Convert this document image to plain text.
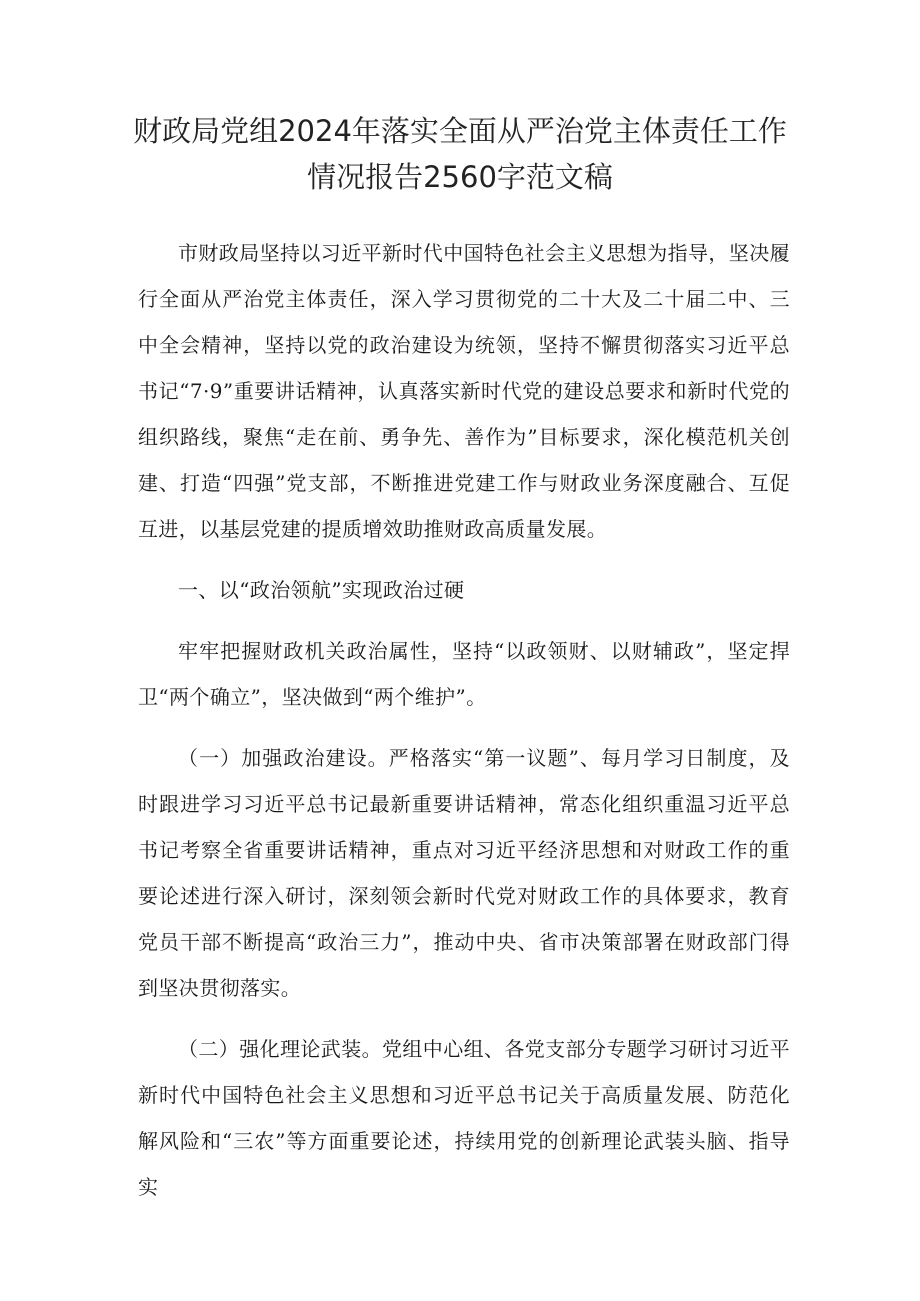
财政局党组2024年落实全面从严治党主体责任工作
情况报告2560字范文稿

市财政局坚持以习近平新时代中国特色社会主义思想为指导，坚决履行全面从严治党主体责任，深入学习贯彻党的二十大及二十届二中、三中全会精神，坚持以党的政治建设为统领，坚持不懈贯彻落实习近平总书记“7·9”重要讲话精神，认真落实新时代党的建设总要求和新时代党的组织路线，聚焦“走在前、勇争先、善作为”目标要求，深化模范机关创建、打造“四强”党支部，不断推进党建工作与财政业务深度融合、互促互进，以基层党建的提质增效助推财政高质量发展。

一、以“政治领航”实现政治过硬

牢牢把握财政机关政治属性，坚持“以政领财、以财辅政”，坚定捍卫“两个确立”，坚决做到“两个维护”。

（一）加强政治建设。严格落实“第一议题”、每月学习日制度，及时跟进学习习近平总书记最新重要讲话精神，常态化组织重温习近平总书记考察全省重要讲话精神，重点对习近平经济思想和对财政工作的重要论述进行深入研讨，深刻领会新时代党对财政工作的具体要求，教育党员干部不断提高“政治三力”，推动中央、省市决策部署在财政部门得到坚决贯彻落实。

（二）强化理论武装。党组中心组、各党支部分专题学习研讨习近平新时代中国特色社会主义思想和习近平总书记关于高质量发展、防范化解风险和“三农”等方面重要论述，持续用党的创新理论武装头脑、指导实
